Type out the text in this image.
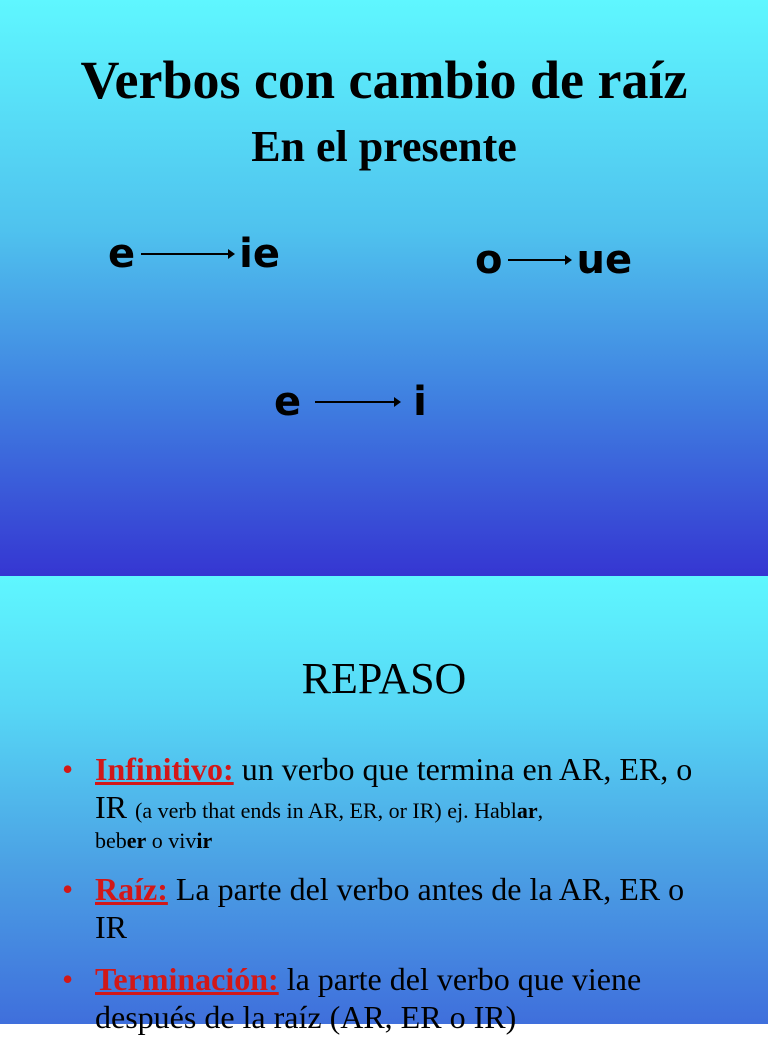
Verbos con cambio de raíz
En el presente
e	ie	o ue
e	i
REPASO
• Infinitivo: un verbo que termina en AR, ER, o IR (a verb that ends in AR, ER, or IR) ej. Hablar,
beber o vivir
• Raíz: La parte del verbo antes de la AR, ER o IR
• Terminación: la parte del verbo que viene después de la raíz (AR, ER o IR)
